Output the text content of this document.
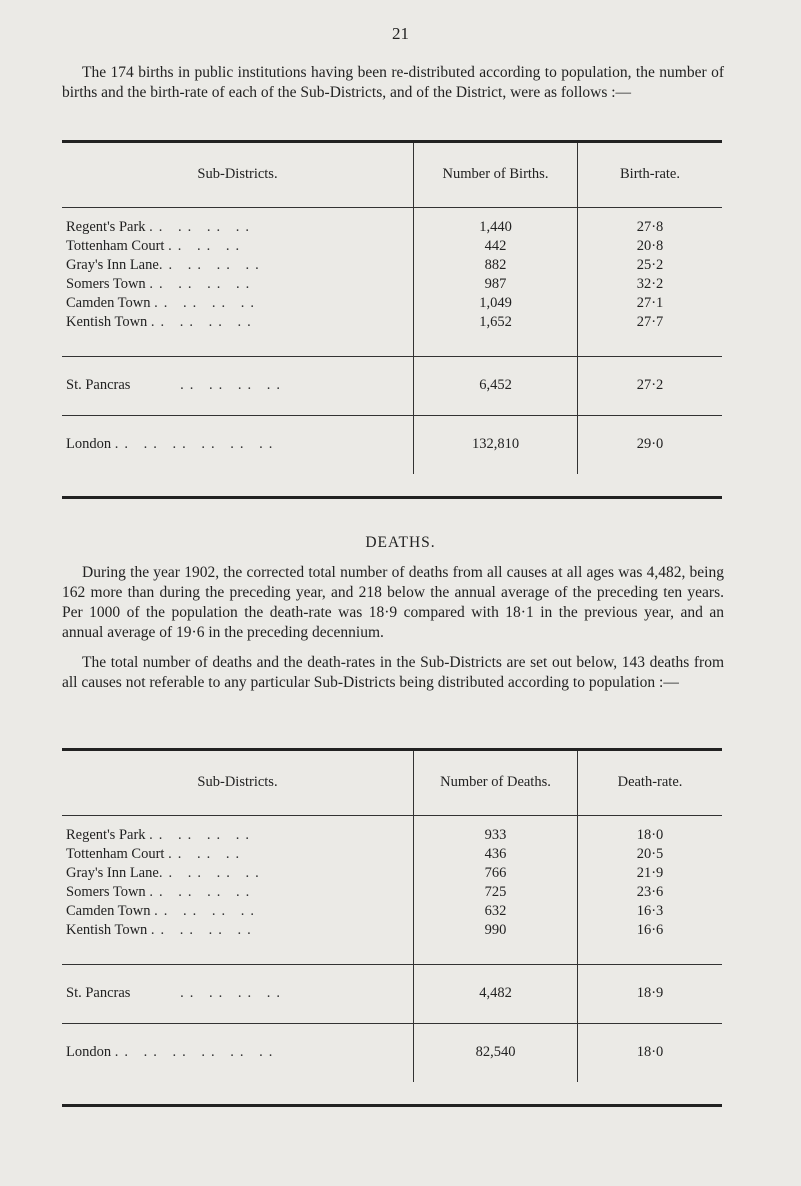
21

The 174 births in public institutions having been re-distributed according to population, the number of births and the birth-rate of each of the Sub-Districts, and of the District, were as follows :—

Sub-Districts.	Number of Births.	Birth-rate.

Regent's Park .. .. .. ..	1,440	27·8
Tottenham Court .. .. ..	442	20·8
Gray's Inn Lane.. .. .. ..	882	25·2
Somers Town .. .. .. ..	987	32·2
Camden Town .. .. .. ..	1,049	27·1
Kentish Town .. .. .. ..	1,652	27·7

St. Pancras .. .. .. ..	6,452	27·2
London .. .. .. .. .. ..	132,810	29·0
DEATHS.

During the year 1902, the corrected total number of deaths from all causes at all ages was 4,482, being 162 more than during the preceding year, and 218 below the annual average of the preceding ten years. Per 1000 of the population the death-rate was 18·9 compared with 18·1 in the previous year, and an annual average of 19·6 in the preceding decennium.

The total number of deaths and the death-rates in the Sub-Districts are set out below, 143 deaths from all causes not referable to any particular Sub-Districts being distributed according to population :—

Sub-Districts.	Number of Deaths.	Death-rate.

Regent's Park .. .. .. ..	933	18·0
Tottenham Court .. .. ..	436	20·5
Gray's Inn Lane.. .. .. ..	766	21·9
Somers Town .. .. .. ..	725	23·6
Camden Town .. .. .. ..	632	16·3
Kentish Town .. .. .. ..	990	16·6

St. Pancras .. .. .. ..	4,482	18·9
London .. .. .. .. .. ..	82,540	18·0
